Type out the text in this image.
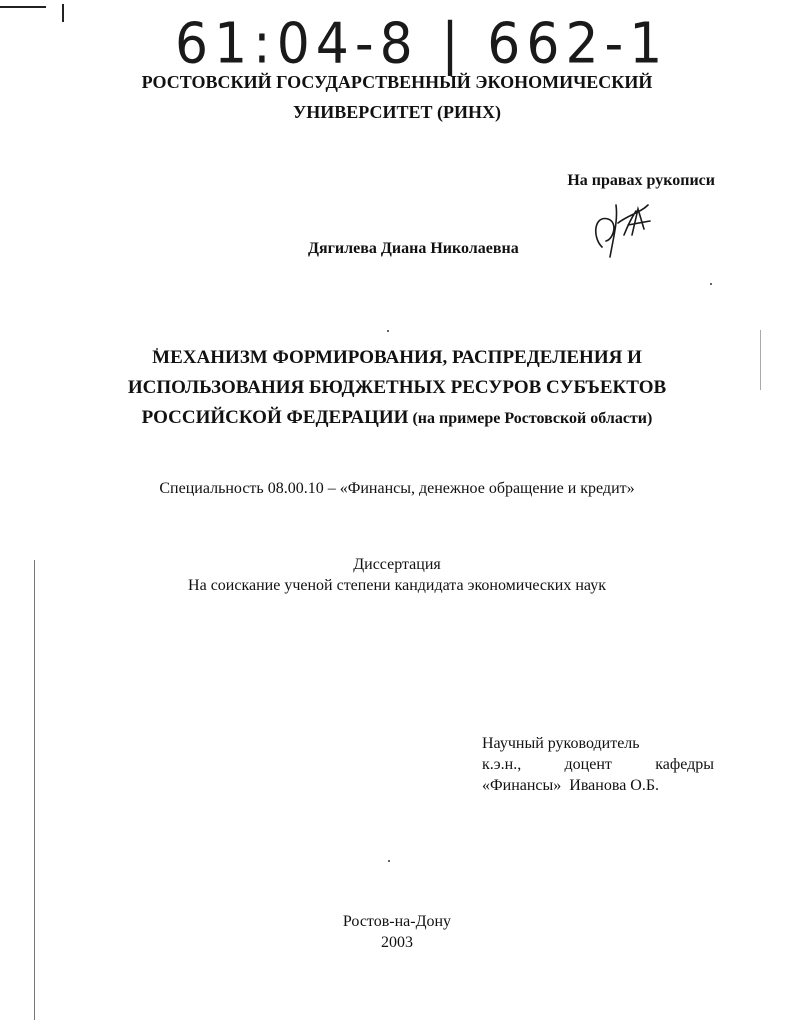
61:04-8 | 662-1
РОСТОВСКИЙ ГОСУДАРСТВЕННЫЙ ЭКОНОМИЧЕСКИЙ
УНИВЕРСИТЕТ (РИНХ)
На правах рукописи
Дягилева Диана Николаевна
МЕХАНИЗМ ФОРМИРОВАНИЯ, РАСПРЕДЕЛЕНИЯ И
ИСПОЛЬЗОВАНИЯ БЮДЖЕТНЫХ РЕСУРОВ СУБЪЕКТОВ
РОССИЙСКОЙ ФЕДЕРАЦИИ (на примере Ростовской области)
Специальность 08.00.10 – «Финансы, денежное обращение и кредит»
Диссертация
На соискание ученой степени кандидата экономических наук
Научный руководитель
к.э.н.,	доцент	кафедры
«Финансы» Иванова О.Б.
Ростов-на-Дону
2003
